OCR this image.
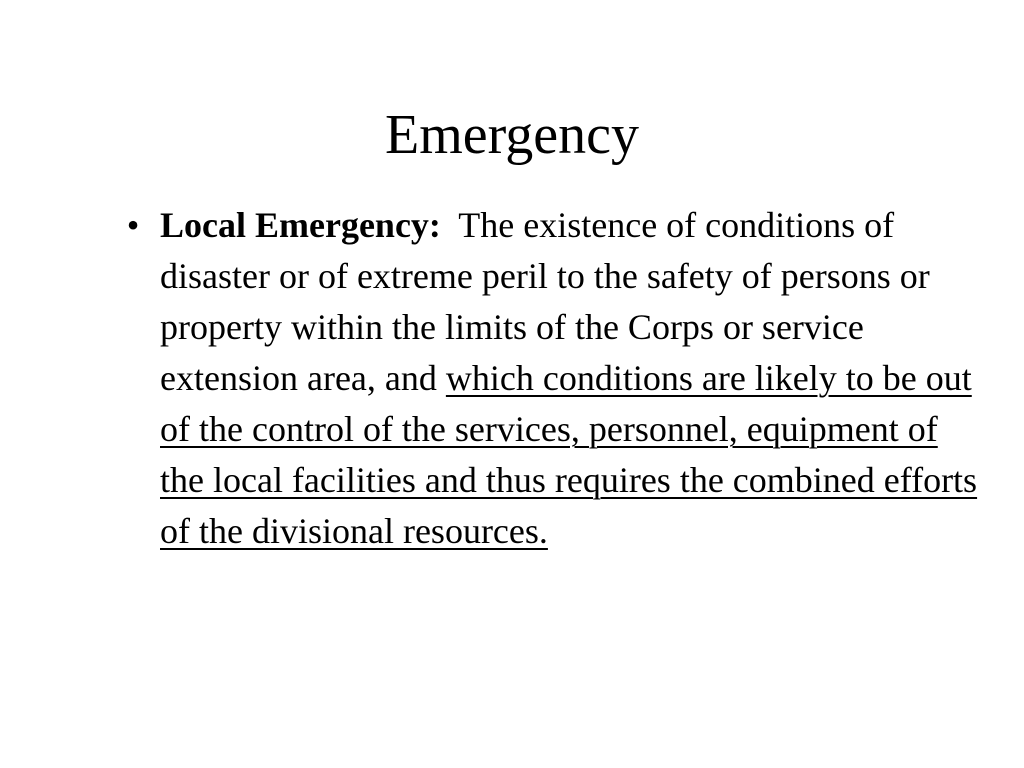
Emergency
• Local Emergency: The existence of conditions of disaster or of extreme peril to the safety of persons or property within the limits of the Corps or service extension area, and which conditions are likely to be out of the control of the services, personnel, equipment of the local facilities and thus requires the combined efforts of the divisional resources.
